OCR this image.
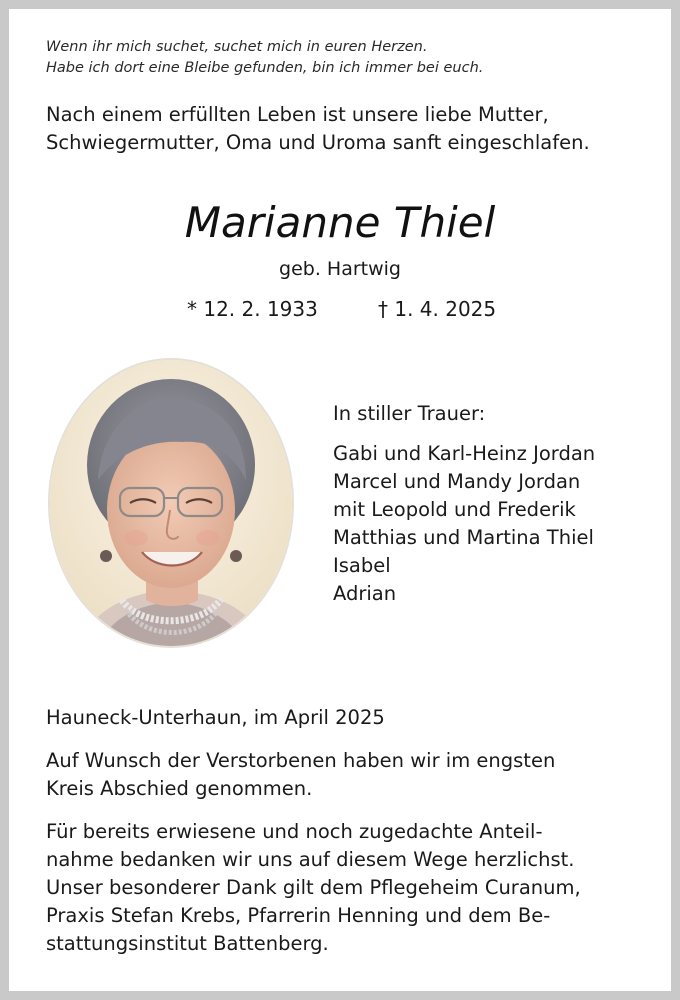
Wenn ihr mich suchet, suchet mich in euren Herzen.
Habe ich dort eine Bleibe gefunden, bin ich immer bei euch.
Nach einem erfüllten Leben ist unsere liebe Mutter,
Schwiegermutter, Oma und Uroma sanft eingeschlafen.
Marianne Thiel
geb. Hartwig
* 12. 2. 1933	† 1. 4. 2025
In stiller Trauer:
Gabi und Karl-Heinz Jordan
Marcel und Mandy Jordan
mit Leopold und Frederik
Matthias und Martina Thiel
Isabel
Adrian
Hauneck-Unterhaun, im April 2025
Auf Wunsch der Verstorbenen haben wir im engsten
Kreis Abschied genommen.
Für bereits erwiesene und noch zugedachte Anteil-
nahme bedanken wir uns auf diesem Wege herzlichst.
Unser besonderer Dank gilt dem Pflegeheim Curanum,
Praxis Stefan Krebs, Pfarrerin Henning und dem Be-
stattungsinstitut Battenberg.
